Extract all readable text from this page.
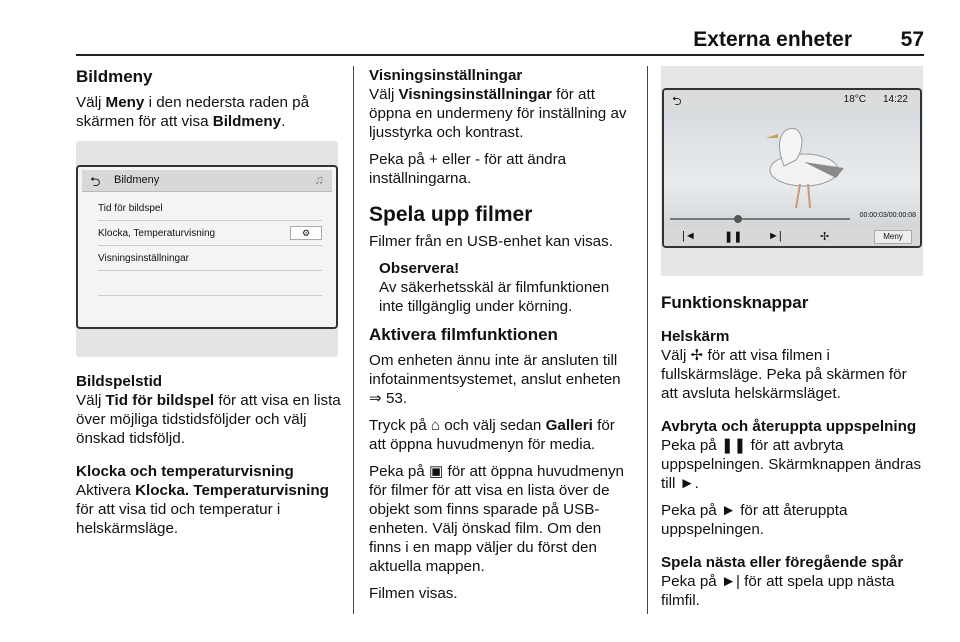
Externa enheter 57
Bildmeny

Välj Meny i den nedersta raden på skärmen för att visa Bildmeny.

⮌ Bildmeny	♫
Tid för bildspel
Klocka, Temperaturvisning	⚙
Visningsinställningar
Bildspelstid

Välj Tid för bildspel för att visa en lista över möjliga tidstidsföljder och välj önskad tidsföljd.

Klocka och temperaturvisning

Aktivera Klocka. Temperaturvisning för att visa tid och temperatur i helskärmsläge.

Visningsinställningar

Välj Visningsinställningar för att öppna en undermeny för inställning av ljusstyrka och kontrast.

Peka på + eller - för att ändra inställningarna.

Spela upp filmer

Filmer från en USB-enhet kan visas.

Observera!
Av säkerhetsskäl är filmfunktionen inte tillgänglig under körning.
Aktivera filmfunktionen

Om enheten ännu inte är ansluten till infotainmentsystemet, anslut enheten ⇒ 53.

Tryck på ⌂ och välj sedan Galleri för att öppna huvudmenyn för media.

Peka på ▣ för att öppna huvudmenyn för filmer för att visa en lista över de objekt som finns sparade på USB-enheten. Välj önskad film. Om den finns i en mapp väljer du först den aktuella mappen.

Filmen visas.

⮌	18°C 14:22
00:00:03/00:00:08
|◄	❚❚ ►|	✢	Meny
Funktionsknappar
Helskärm

Välj ✢ för att visa filmen i fullskärmsläge. Peka på skärmen för att avsluta helskärmsläget.

Avbryta och återuppta uppspelning

Peka på ❚❚ för att avbryta uppspelningen. Skärmknappen ändras till ►.

Peka på ► för att återuppta uppspelningen.

Spela nästa eller föregående spår

Peka på ►| för att spela upp nästa filmfil.
